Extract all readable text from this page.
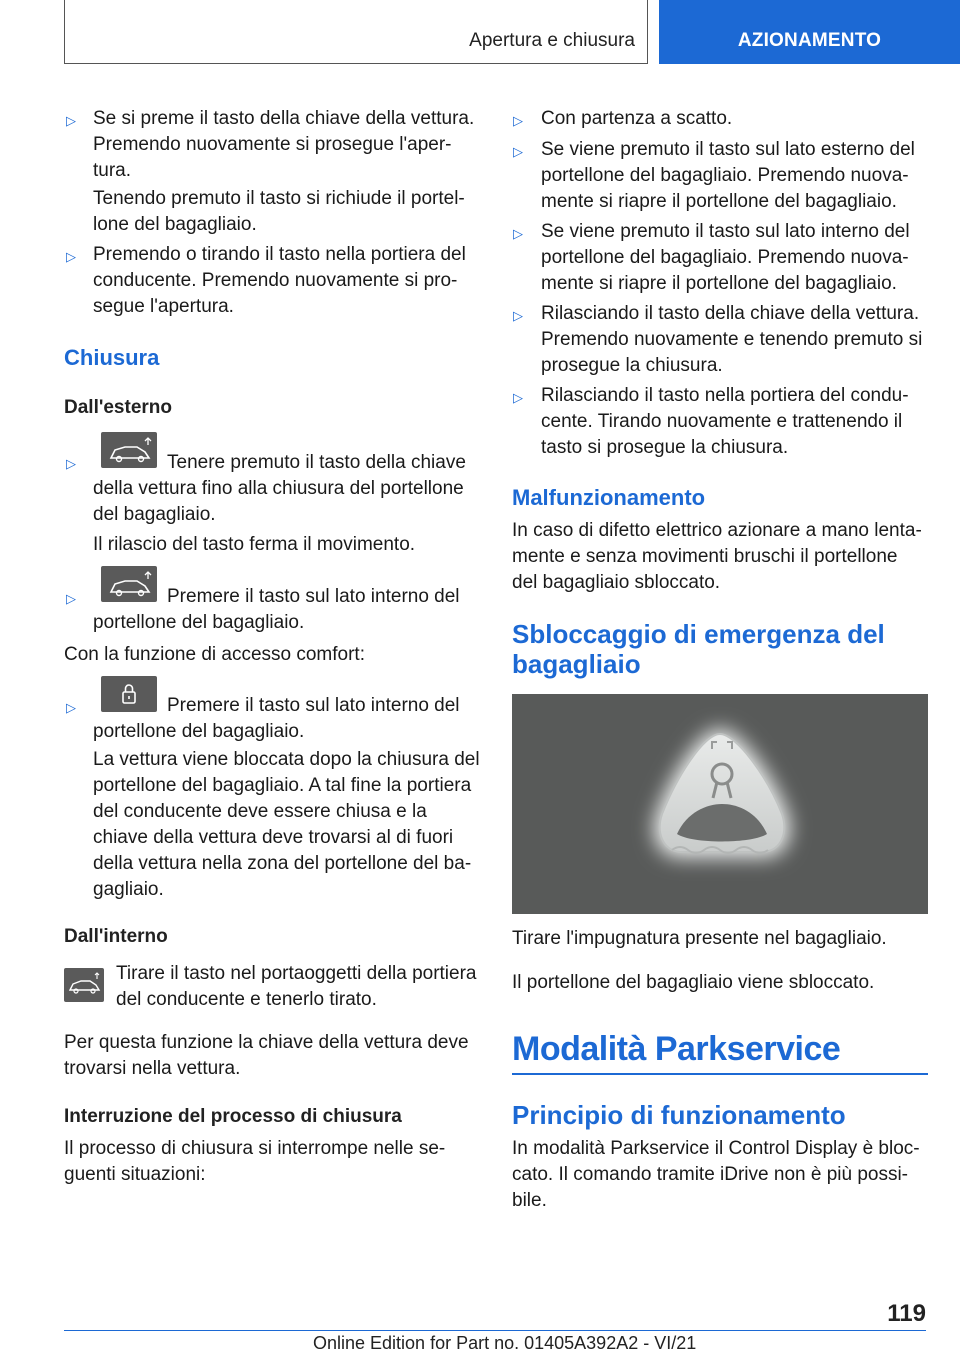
Apertura e chiusura	AZIONAMENTO
▷ Se si preme il tasto della chiave della vettura.
Premendo nuovamente si prosegue l'aper-
tura.
Tenendo premuto il tasto si richiude il portel-
lone del bagagliaio.
▷ Premendo o tirando il tasto nella portiera del
conducente. Premendo nuovamente si pro-
segue l'apertura.
Chiusura
Dall'esterno
▷	Tenere premuto il tasto della chiave
della vettura fino alla chiusura del portellone
del bagagliaio.
Il rilascio del tasto ferma il movimento.
▷	Premere il tasto sul lato interno del
portellone del bagagliaio.
Con la funzione di accesso comfort:
▷	Premere il tasto sul lato interno del
portellone del bagagliaio.
La vettura viene bloccata dopo la chiusura del
portellone del bagagliaio. A tal fine la portiera
del conducente deve essere chiusa e la
chiave della vettura deve trovarsi al di fuori
della vettura nella zona del portellone del ba-
gagliaio.
Dall'interno
Tirare il tasto nel portaoggetti della portiera
del conducente e tenerlo tirato.
Per questa funzione la chiave della vettura deve
trovarsi nella vettura.
Interruzione del processo di chiusura
Il processo di chiusura si interrompe nelle se-
guenti situazioni:
▷ Con partenza a scatto.
▷ Se viene premuto il tasto sul lato esterno del
portellone del bagagliaio. Premendo nuova-
mente si riapre il portellone del bagagliaio.
▷ Se viene premuto il tasto sul lato interno del
portellone del bagagliaio. Premendo nuova-
mente si riapre il portellone del bagagliaio.
▷ Rilasciando il tasto della chiave della vettura.
Premendo nuovamente e tenendo premuto si
prosegue la chiusura.
▷ Rilasciando il tasto nella portiera del condu-
cente. Tirando nuovamente e trattenendo il
tasto si prosegue la chiusura.
Malfunzionamento
In caso di difetto elettrico azionare a mano lenta-
mente e senza movimenti bruschi il portellone
del bagagliaio sbloccato.
Sbloccaggio di emergenza del
bagagliaio
Tirare l'impugnatura presente nel bagagliaio.
Il portellone del bagagliaio viene sbloccato.
Modalità Parkservice
Principio di funzionamento
In modalità Parkservice il Control Display è bloc-
cato. Il comando tramite iDrive non è più possi-
bile.
119
Online Edition for Part no. 01405A392A2 - VI/21
